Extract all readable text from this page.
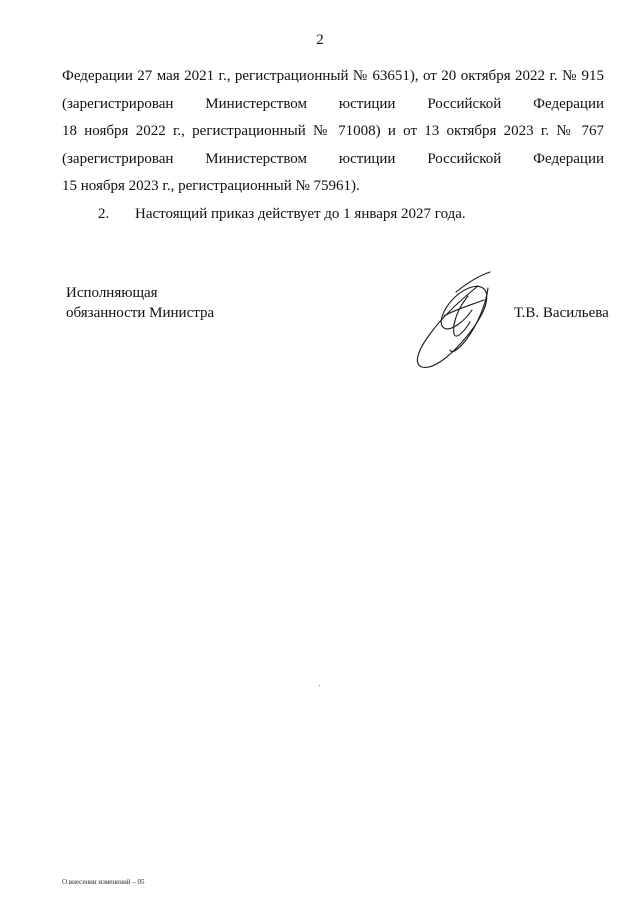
2
Федерации 27 мая 2021 г., регистрационный № 63651), от 20 октября 2022 г. № 915
(зарегистрирован Министерством юстиции Российской Федерации
18 ноября 2022 г., регистрационный № 71008) и от 13 октября 2023 г. № 767
(зарегистрирован Министерством юстиции Российской Федерации
15 ноября 2023 г., регистрационный № 75961).
2. Настоящий приказ действует до 1 января 2027 года.
Исполняющая
обязанности Министра	Т.В. Васильева
О внесении изменений – 05
